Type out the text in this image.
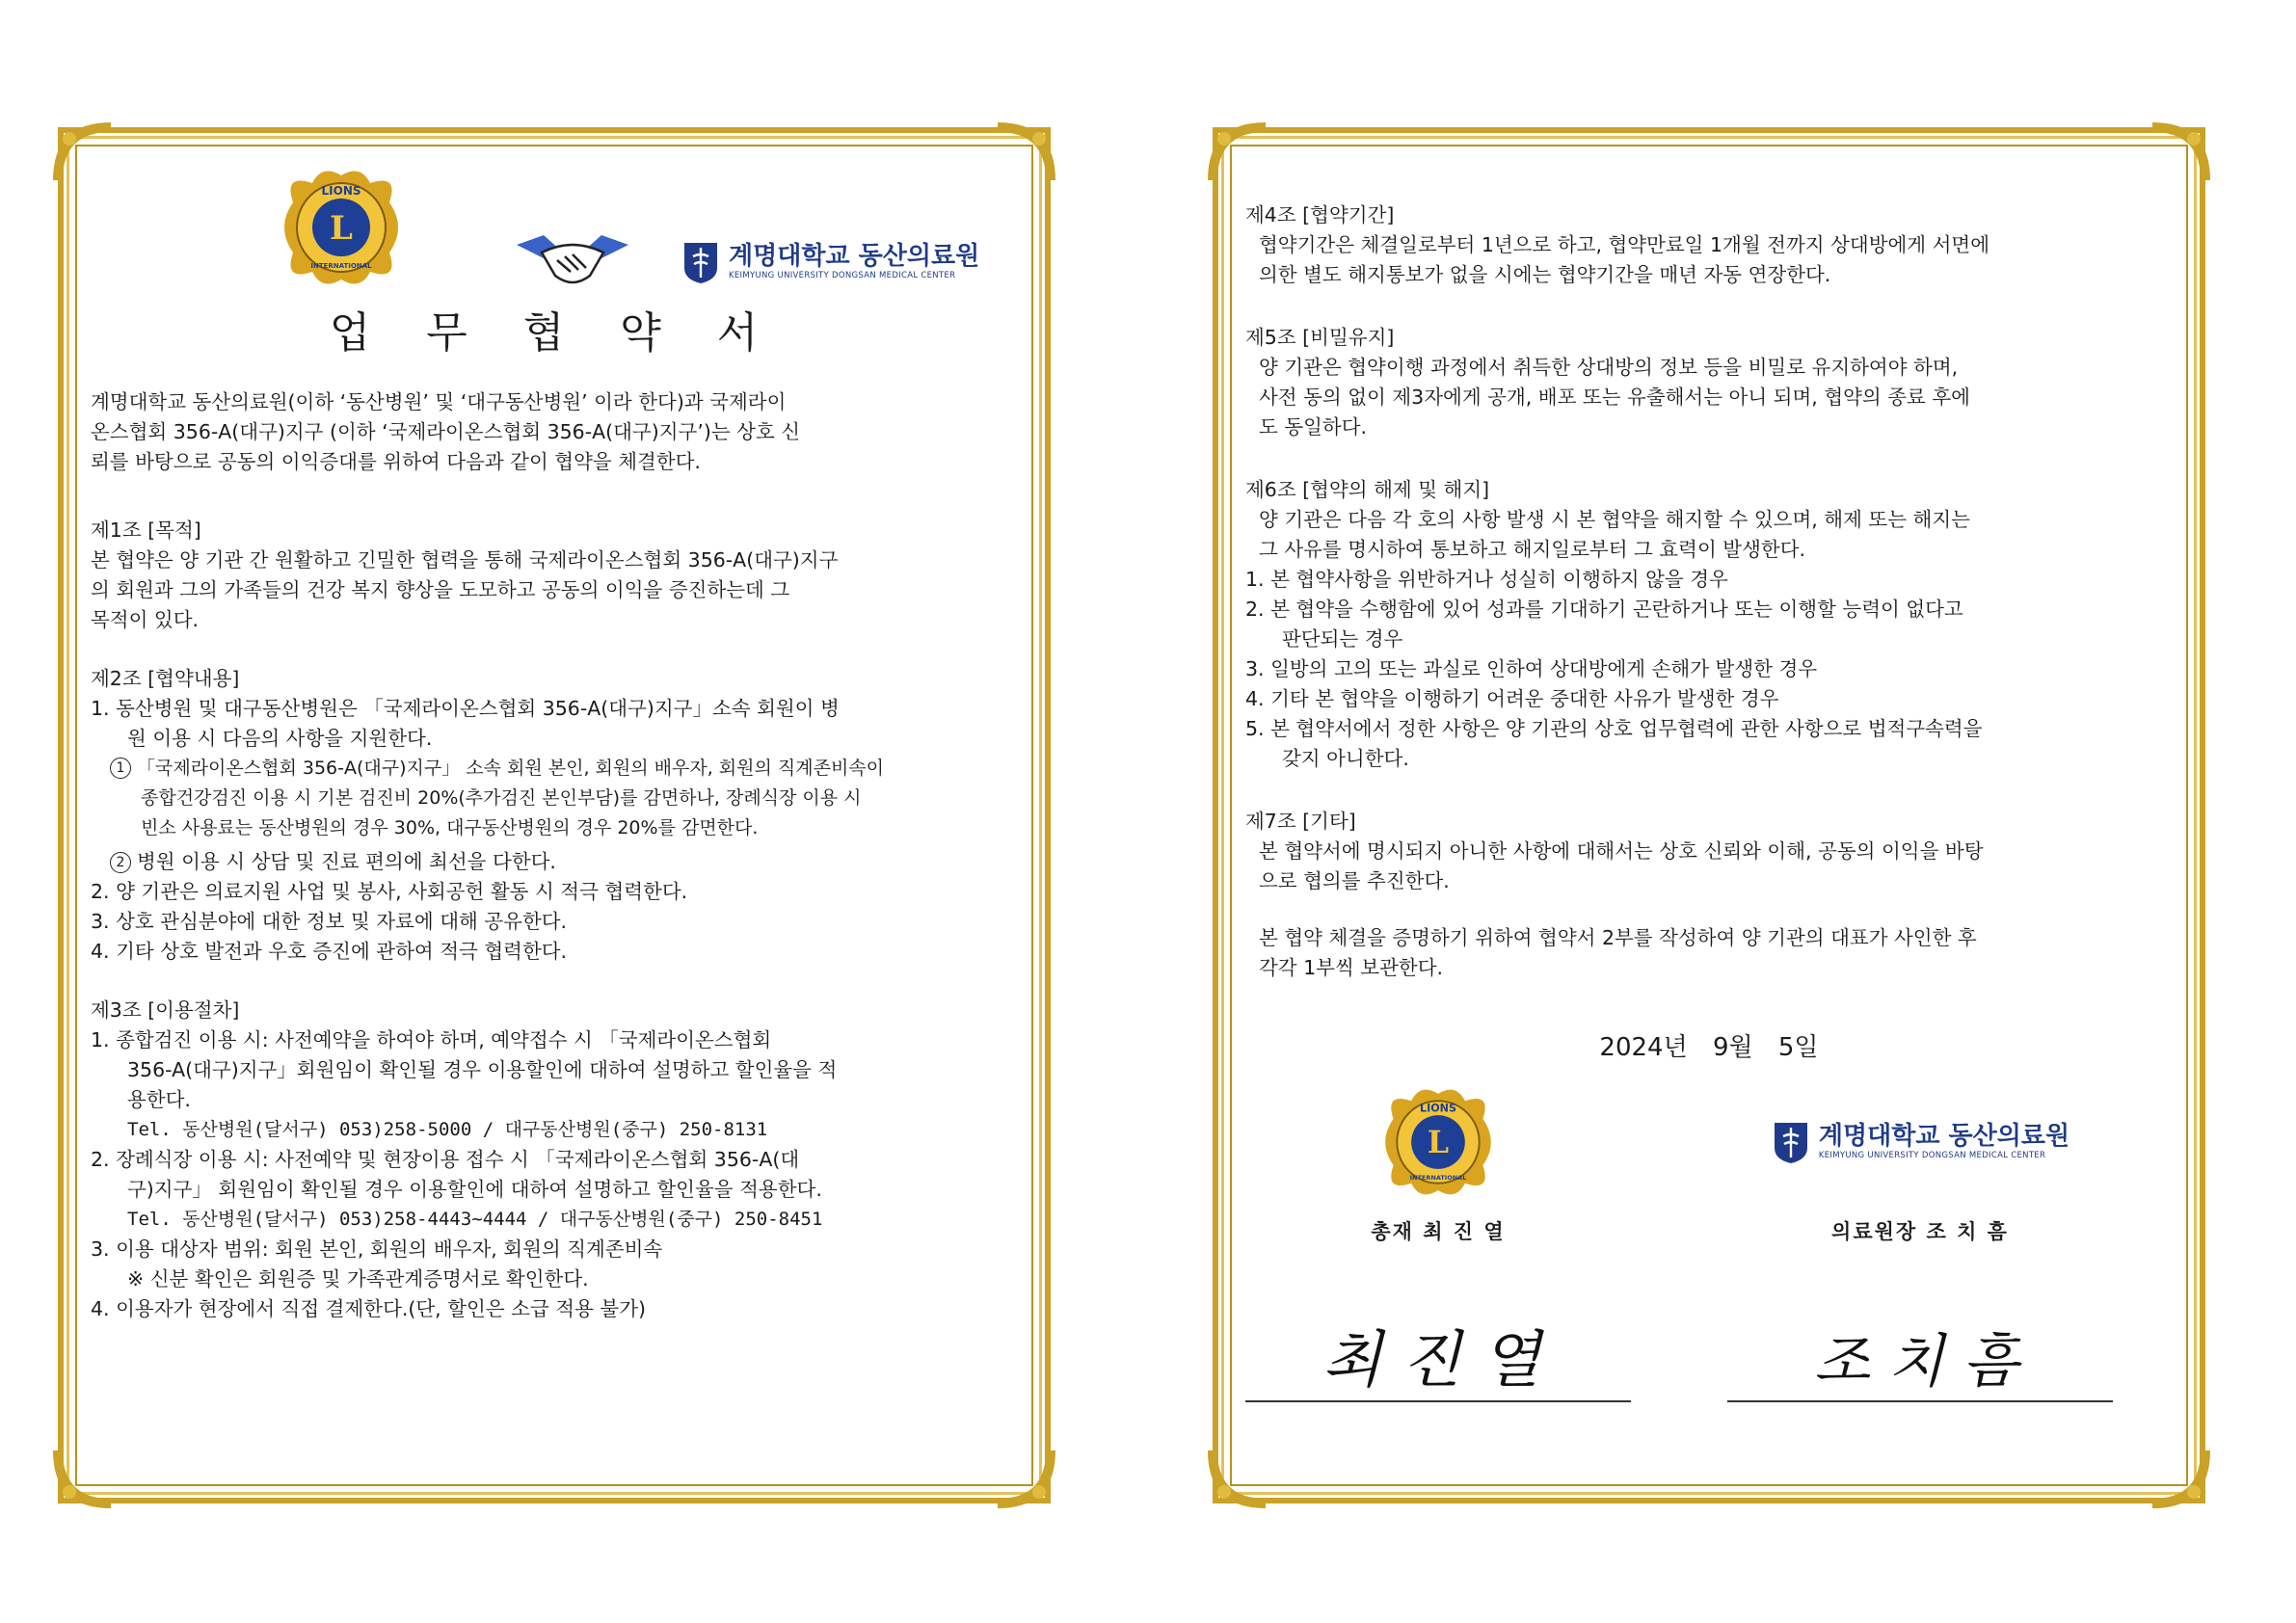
L
LIONS
INTERNATIONAL	계명대학교 동산의료원
KEIMYUNG UNIVERSITY DONGSAN MEDICAL CENTER
업 무 협 약 서

계명대학교 동산의료원(이하 ‘동산병원’ 및 ‘대구동산병원’ 이라 한다)과 국제라이

온스협회 356-A(대구)지구 (이하 ‘국제라이온스협회 356-A(대구)지구’)는 상호 신

뢰를 바탕으로 공동의 이익증대를 위하여 다음과 같이 협약을 체결한다.

제1조 [목적]

본 협약은 양 기관 간 원활하고 긴밀한 협력을 통해 국제라이온스협회 356-A(대구)지구

의 회원과 그의 가족들의 건강 복지 향상을 도모하고 공동의 이익을 증진하는데 그

목적이 있다.

제2조 [협약내용]

1. 동산병원 및 대구동산병원은 「국제라이온스협회 356-A(대구)지구」소속 회원이 병

원 이용 시 다음의 사항을 지원한다.

1 「국제라이온스협회 356-A(대구)지구」 소속 회원 본인, 회원의 배우자, 회원의 직계존비속이

종합건강검진 이용 시 기본 검진비 20%(추가검진 본인부담)를 감면하나, 장례식장 이용 시

빈소 사용료는 동산병원의 경우 30%, 대구동산병원의 경우 20%를 감면한다.

2 병원 이용 시 상담 및 진료 편의에 최선을 다한다.

2. 양 기관은 의료지원 사업 및 봉사, 사회공헌 활동 시 적극 협력한다.

3. 상호 관심분야에 대한 정보 및 자료에 대해 공유한다.

4. 기타 상호 발전과 우호 증진에 관하여 적극 협력한다.

제3조 [이용절차]

1. 종합검진 이용 시: 사전예약을 하여야 하며, 예약접수 시 「국제라이온스협회

356-A(대구)지구」회원임이 확인될 경우 이용할인에 대하여 설명하고 할인율을 적

용한다.

Tel. 동산병원(달서구) 053)258-5000 / 대구동산병원(중구) 250-8131

2. 장례식장 이용 시: 사전예약 및 현장이용 접수 시 「국제라이온스협회 356-A(대

구)지구」 회원임이 확인될 경우 이용할인에 대하여 설명하고 할인율을 적용한다.

Tel. 동산병원(달서구) 053)258-4443~4444 / 대구동산병원(중구) 250-8451

3. 이용 대상자 범위: 회원 본인, 회원의 배우자, 회원의 직계존비속

※ 신분 확인은 회원증 및 가족관계증명서로 확인한다.

4. 이용자가 현장에서 직접 결제한다.(단, 할인은 소급 적용 불가)

제4조 [협약기간]

협약기간은 체결일로부터 1년으로 하고, 협약만료일 1개월 전까지 상대방에게 서면에

의한 별도 해지통보가 없을 시에는 협약기간을 매년 자동 연장한다.

제5조 [비밀유지]

양 기관은 협약이행 과정에서 취득한 상대방의 정보 등을 비밀로 유지하여야 하며,

사전 동의 없이 제3자에게 공개, 배포 또는 유출해서는 아니 되며, 협약의 종료 후에

도 동일하다.

제6조 [협약의 해제 및 해지]

양 기관은 다음 각 호의 사항 발생 시 본 협약을 해지할 수 있으며, 해제 또는 해지는

그 사유를 명시하여 통보하고 해지일로부터 그 효력이 발생한다.

1. 본 협약사항을 위반하거나 성실히 이행하지 않을 경우

2. 본 협약을 수행함에 있어 성과를 기대하기 곤란하거나 또는 이행할 능력이 없다고

판단되는 경우

3. 일방의 고의 또는 과실로 인하여 상대방에게 손해가 발생한 경우

4. 기타 본 협약을 이행하기 어려운 중대한 사유가 발생한 경우

5. 본 협약서에서 정한 사항은 양 기관의 상호 업무협력에 관한 사항으로 법적구속력을

갖지 아니한다.

제7조 [기타]

본 협약서에 명시되지 아니한 사항에 대해서는 상호 신뢰와 이해, 공동의 이익을 바탕

으로 협의를 추진한다.

본 협약 체결을 증명하기 위하여 협약서 2부를 작성하여 양 기관의 대표가 사인한 후

각각 1부씩 보관한다.

2024년 9월 5일
L
LIONS
INTERNATIONAL
총재 최 진 열
최 진 열
계명대학교 동산의료원
KEIMYUNG UNIVERSITY DONGSAN MEDICAL CENTER
의료원장 조 치 흠
조 치 흠
